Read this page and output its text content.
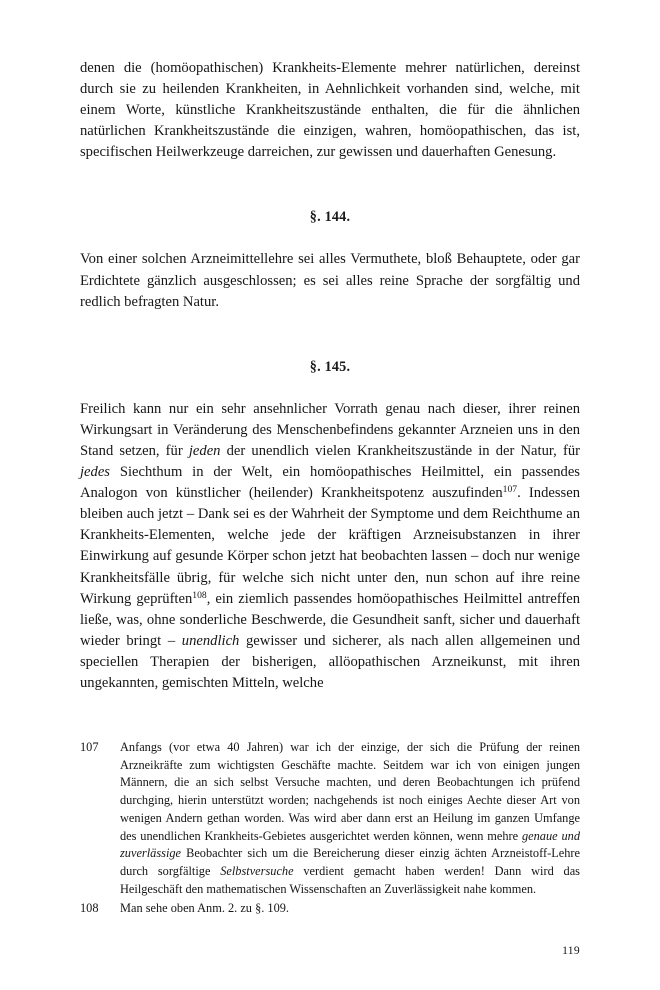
denen die (homöopathischen) Krankheits-Elemente mehrer natürlichen, dereinst durch sie zu heilenden Krankheiten, in Aehnlichkeit vorhanden sind, welche, mit einem Worte, künstliche Krankheitszustände enthalten, die für die ähnlichen natürlichen Krankheitszustände die einzigen, wahren, homöopathischen, das ist, specifischen Heilwerkzeuge darreichen, zur gewissen und dauerhaften Genesung.

§. 144.

Von einer solchen Arzneimittellehre sei alles Vermuthete, bloß Behauptete, oder gar Erdichtete gänzlich ausgeschlossen; es sei alles reine Sprache der sorgfältig und redlich befragten Natur.

§. 145.

Freilich kann nur ein sehr ansehnlicher Vorrath genau nach dieser, ihrer reinen Wirkungsart in Veränderung des Menschenbefindens gekannter Arzneien uns in den Stand setzen, für jeden der unendlich vielen Krankheitszustände in der Natur, für jedes Siechthum in der Welt, ein homöopathisches Heilmittel, ein passendes Analogon von künstlicher (heilender) Krankheitspotenz auszufinden$^{107}$. Indessen bleiben auch jetzt – Dank sei es der Wahrheit der Symptome und dem Reichthume an Krankheits-Elementen, welche jede der kräftigen Arzneisubstanzen in ihrer Einwirkung auf gesunde Körper schon jetzt hat beobachten lassen – doch nur wenige Krankheitsfälle übrig, für welche sich nicht unter den, nun schon auf ihre reine Wirkung geprüften$^{108}$, ein ziemlich passendes homöopathisches Heilmittel antreffen ließe, was, ohne sonderliche Beschwerde, die Gesundheit sanft, sicher und dauerhaft wieder bringt – unendlich gewisser und sicherer, als nach allen allgemeinen und speciellen Therapien der bisherigen, allöopathischen Arzneikunst, mit ihren ungekannten, gemischten Mitteln, welche

107	Anfangs (vor etwa 40 Jahren) war ich der einzige, der sich die Prüfung der reinen Arzneikräfte zum wichtigsten Geschäfte machte. Seitdem war ich von einigen jungen Männern, die an sich selbst Versuche machten, und deren Beobachtungen ich prüfend durchging, hierin unterstützt worden; nachgehends ist noch einiges Aechte dieser Art von wenigen Andern gethan worden. Was wird aber dann erst an Heilung im ganzen Umfange des unendlichen Krankheits-Gebietes ausgerichtet werden können, wenn mehre genaue und zuverlässige Beobachter sich um die Bereicherung dieser einzig ächten Arzneistoff-Lehre durch sorgfältige Selbstversuche verdient gemacht haben werden! Dann wird das Heilgeschäft den mathematischen Wissenschaften an Zuverlässigkeit nahe kommen.
108	Man sehe oben Anm. 2. zu §. 109.
119
